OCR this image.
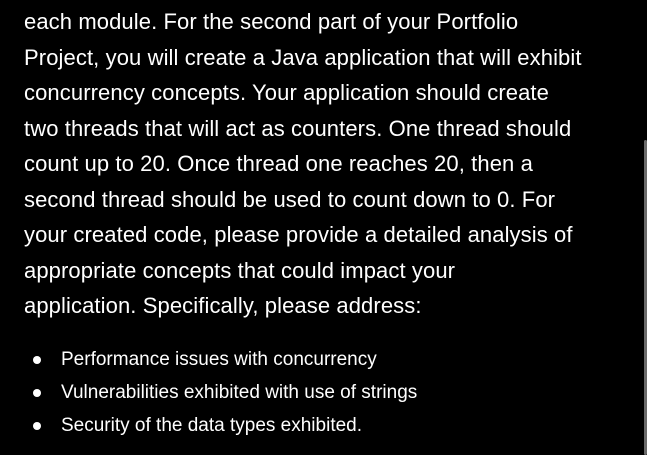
each module. For the second part of your Portfolio
Project, you will create a Java application that will exhibit
concurrency concepts. Your application should create
two threads that will act as counters. One thread should
count up to 20. Once thread one reaches 20, then a
second thread should be used to count down to 0. For
your created code, please provide a detailed analysis of
appropriate concepts that could impact your
application. Specifically, please address:

Performance issues with concurrency
Vulnerabilities exhibited with use of strings
Security of the data types exhibited.
